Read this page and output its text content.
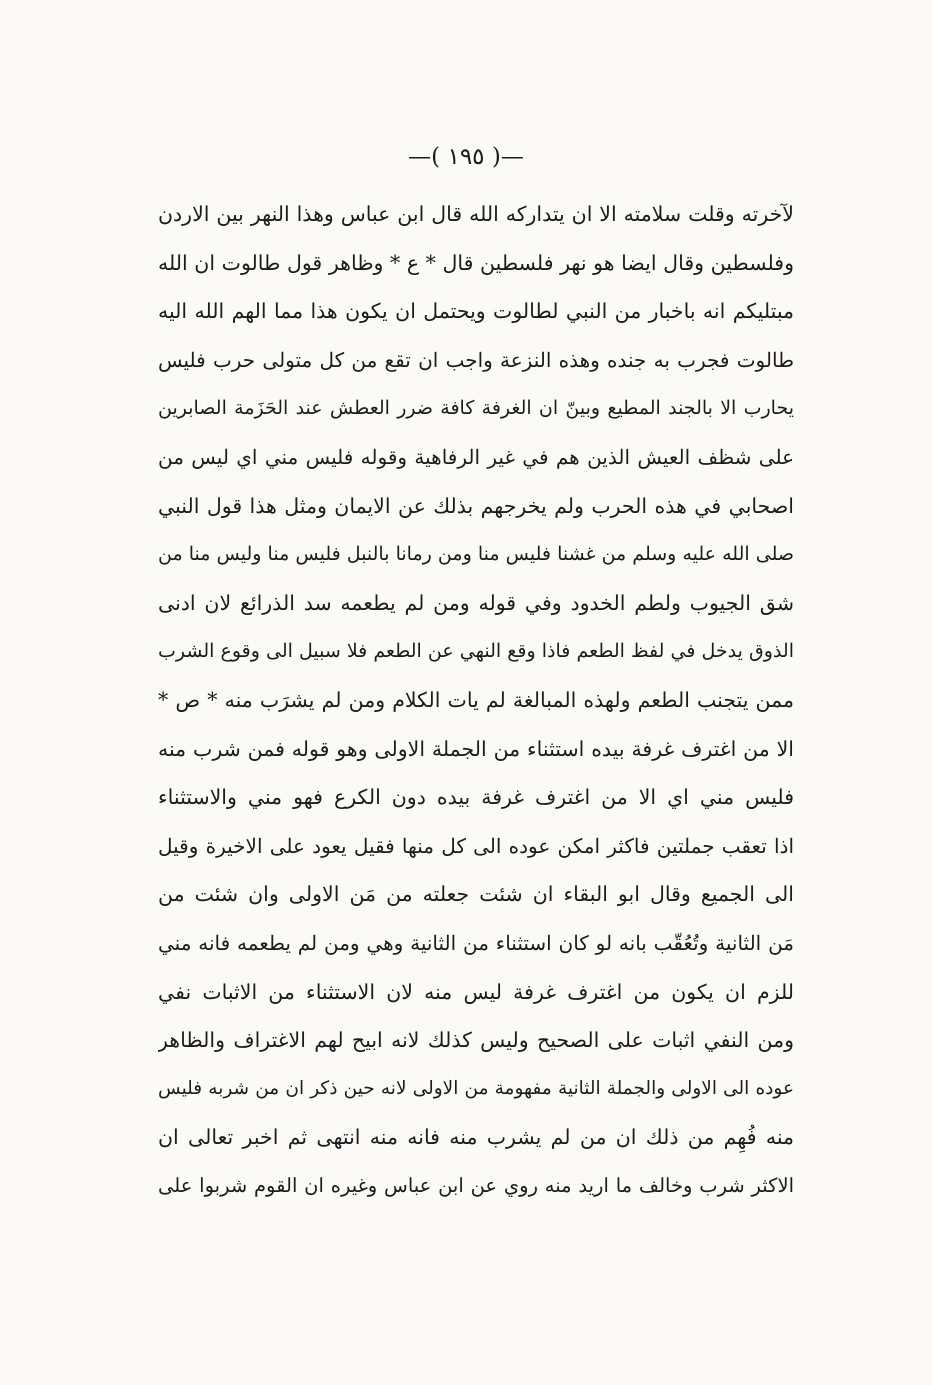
—( ١٩٥ )—
لآخرته وقلت سلامته الا ان يتداركه الله قال ابن عباس وهذا النهر بين الاردن
وفلسطين وقال ايضا هو نهر فلسطين قال * ع * وظاهر قول طالوت ان الله
مبتليكم انه باخبار من النبي لطالوت ويحتمل ان يكون هذا مما الهم الله اليه
طالوت فجرب به جنده وهذه النزعة واجب ان تقع من كل متولى حرب فليس
يحارب الا بالجند المطيع وبينّ ان الغرفة كافة ضرر العطش عند الحَزَمة الصابرين
على شظف العيش الذين هم في غير الرفاهية وقوله فليس مني اي ليس من
اصحابي في هذه الحرب ولم يخرجهم بذلك عن الايمان ومثل هذا قول النبي
صلى الله عليه وسلم من غشنا فليس منا ومن رمانا بالنبل فليس منا وليس منا من
شق الجيوب ولطم الخدود وفي قوله ومن لم يطعمه سد الذرائع لان ادنى
الذوق يدخل في لفظ الطعم فاذا وقع النهي عن الطعم فلا سبيل الى وقوع الشرب
ممن يتجنب الطعم ولهذه المبالغة لم يات الكلام ومن لم يشرَب منه * ص *
الا من اغترف غرفة بيده استثناء من الجملة الاولى وهو قوله فمن شرب منه
فليس مني اي الا من اغترف غرفة بيده دون الكرع فهو مني والاستثناء
اذا تعقب جملتين فاكثر امكن عوده الى كل منها فقيل يعود على الاخيرة وقيل
الى الجميع وقال ابو البقاء ان شئت جعلته من مَن الاولى وان شئت من
مَن الثانية وتُعُقّب بانه لو كان استثناء من الثانية وهي ومن لم يطعمه فانه مني
للزم ان يكون من اغترف غرفة ليس منه لان الاستثناء من الاثبات نفي
ومن النفي اثبات على الصحيح وليس كذلك لانه ابيح لهم الاغتراف والظاهر
عوده الى الاولى والجملة الثانية مفهومة من الاولى لانه حين ذكر ان من شربه فليس
منه فُهِم من ذلك ان من لم يشرب منه فانه منه انتهى ثم اخبر تعالى ان
الاكثر شرب وخالف ما اريد منه روي عن ابن عباس وغيره ان القوم شربوا على
